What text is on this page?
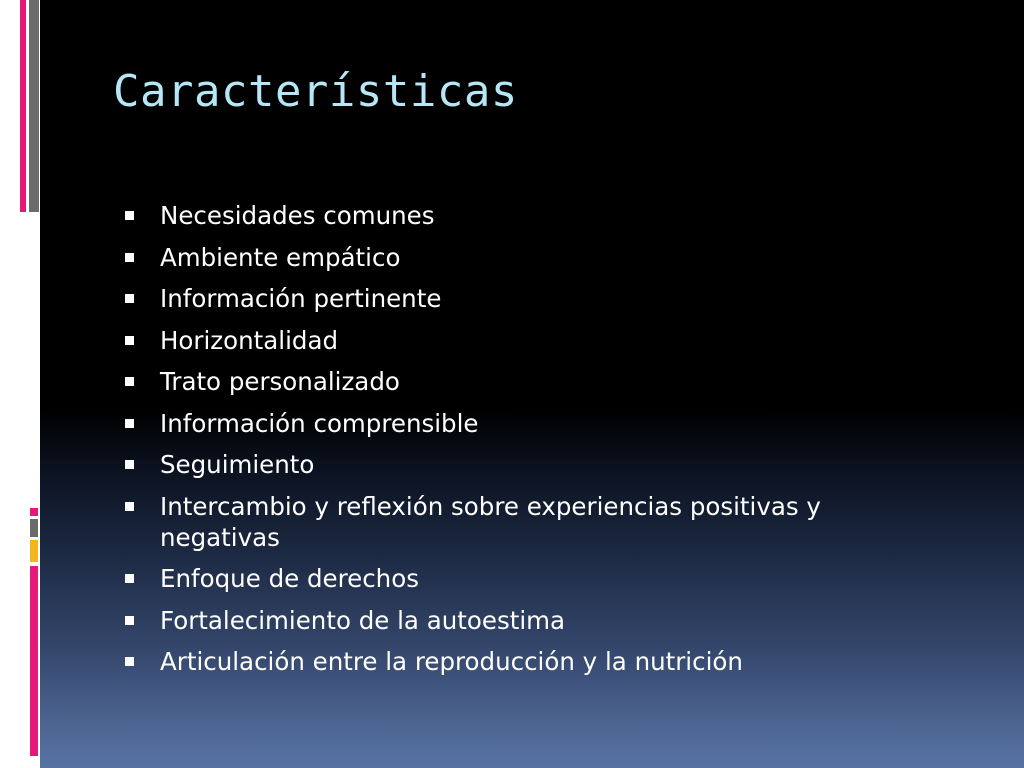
Características
Necesidades comunes
Ambiente empático
Información pertinente
Horizontalidad
Trato personalizado
Información comprensible
Seguimiento
Intercambio y reflexión sobre experiencias positivas y negativas
Enfoque de derechos
Fortalecimiento de la autoestima
Articulación entre la reproducción y la nutrición
